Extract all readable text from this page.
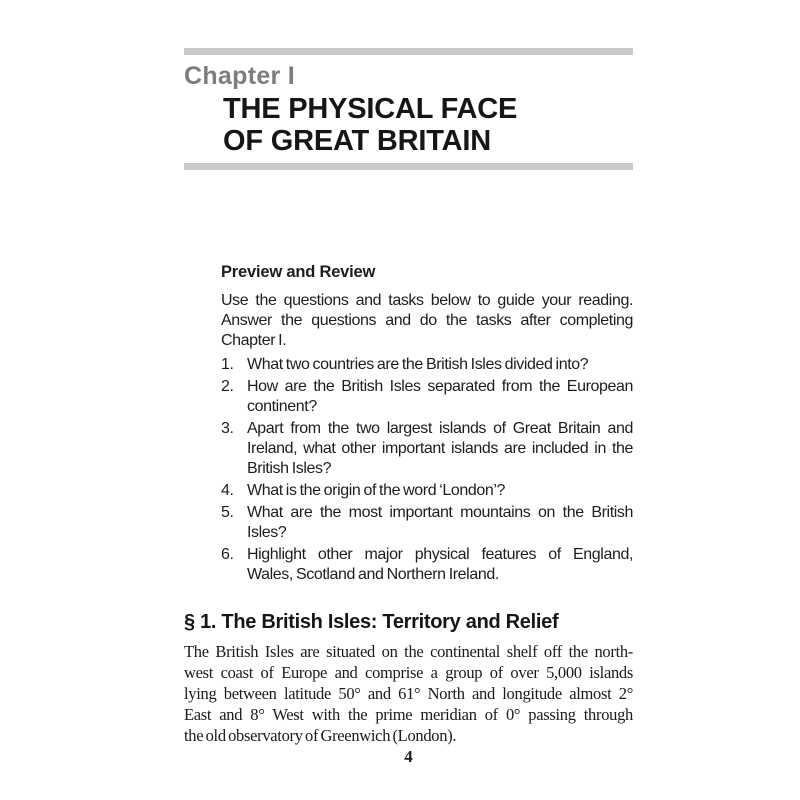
Chapter I
THE PHYSICAL FACE
OF GREAT BRITAIN
Preview and Review
Use the questions and tasks below to guide your reading.
Answer the questions and do the tasks after completing
Chapter I.
1. What two countries are the British Isles divided into?
2. How are the British Isles separated from the European
continent?
3. Apart from the two largest islands of Great Britain and
Ireland, what other important islands are included in the
British Isles?
4. What is the origin of the word ‘London’?
5. What are the most important mountains on the British
Isles?
6. Highlight other major physical features of England,
Wales, Scotland and Northern Ireland.
§ 1. The British Isles: Territory and Relief
The British Isles are situated on the continental shelf off the north-
west coast of Europe and comprise a group of over 5,000 islands
lying between latitude 50° and 61° North and longitude almost 2°
East and 8° West with the prime meridian of 0° passing through
the old observatory of Greenwich (London).
4
